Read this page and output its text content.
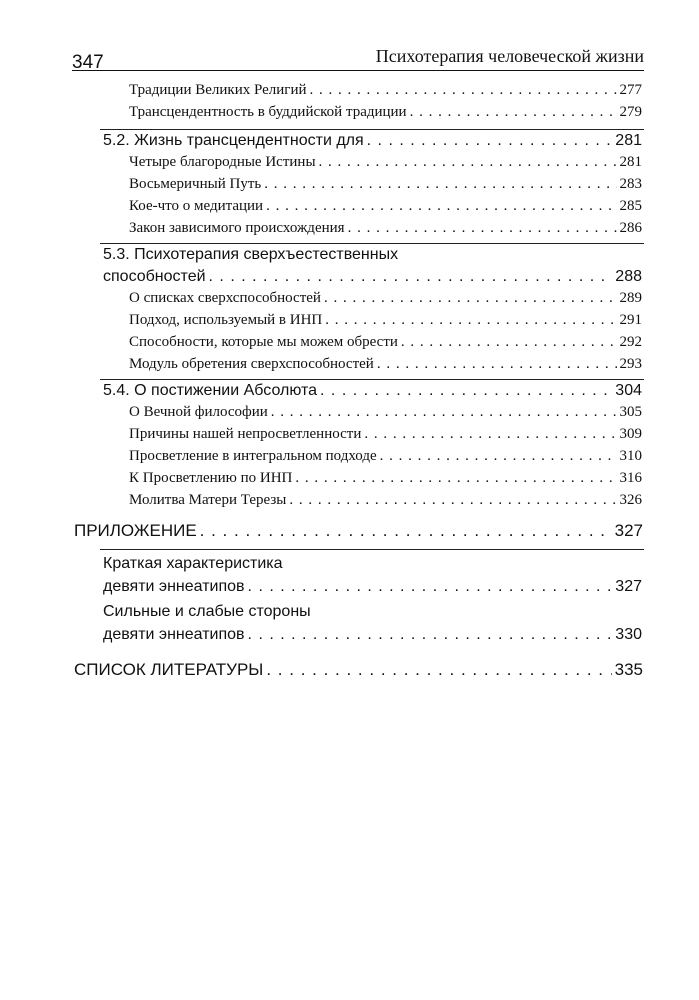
347	Психотерапия человеческой жизни
Традиции Великих Религий . . .	277
Трансцендентность в буддийской традиции . . .	279
5.2. Жизнь трансцендентности для . . .	281
Четыре благородные Истины . . .	281
Восьмеричный Путь . . .	283
Кое-что о медитации . . .	285
Закон зависимого происхождения . . .	286
5.3. Психотерапия сверхъестественных
способностей . . .	288
О списках сверхспособностей . . .	289
Подход, используемый в ИНП . . .	291
Способности, которые мы можем обрести . . .	292
Модуль обретения сверхспособностей . . .	293
5.4. О постижении Абсолюта . . .	304
О Вечной философии . . .	305
Причины нашей непросветленности . . .	309
Просветление в интегральном подходе . . .	310
К Просветлению по ИНП . . .	316
Молитва Матери Терезы . . .	326
ПРИЛОЖЕНИЕ . . .	327
Краткая характеристика
девяти эннеатипов . . .	327
Сильные и слабые стороны
девяти эннеатипов . . .	330
СПИСОК ЛИТЕРАТУРЫ . . .	335
